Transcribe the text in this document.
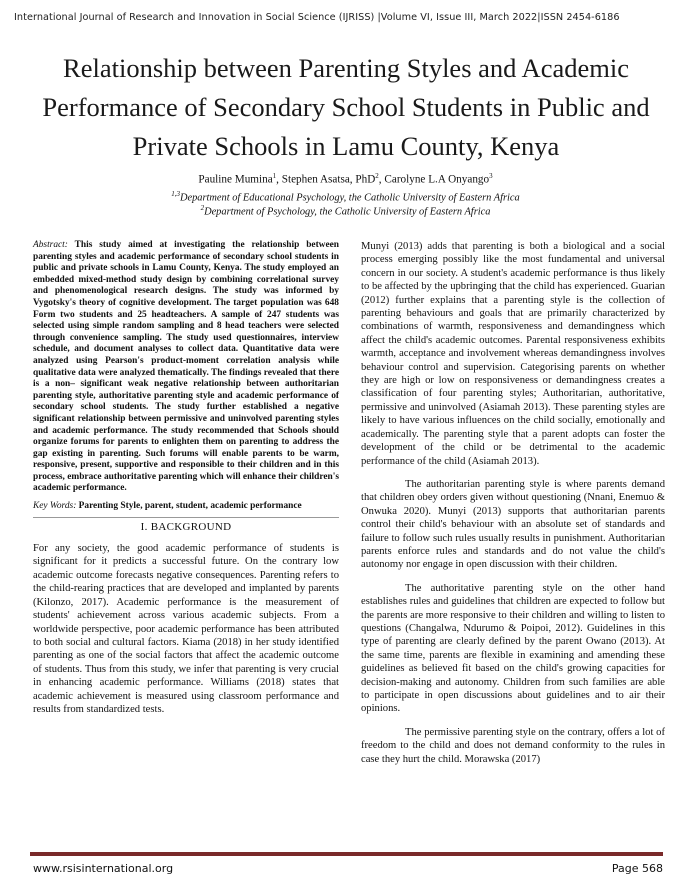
International Journal of Research and Innovation in Social Science (IJRISS) |Volume VI, Issue III, March 2022|ISSN 2454-6186
Relationship between Parenting Styles and Academic Performance of Secondary School Students in Public and Private Schools in Lamu County, Kenya
Pauline Mumina$^1$, Stephen Asatsa, PhD$^2$, Carolyne L.A Onyango$^3$
$^{1,3}$Department of Educational Psychology, the Catholic University of Eastern Africa
$^2$Department of Psychology, the Catholic University of Eastern Africa

Abstract: This study aimed at investigating the relationship between parenting styles and academic performance of secondary school students in public and private schools in Lamu County, Kenya. The study employed an embedded mixed-method study design by combining correlational survey and phenomenological research designs. The study was informed by Vygotsky's theory of cognitive development. The target population was 648 Form two students and 25 headteachers. A sample of 247 students was selected using simple random sampling and 8 head teachers were selected through convenience sampling. The study used questionnaires, interview schedule, and document analyses to collect data. Quantitative data were analyzed using Pearson's product-moment correlation analysis while qualitative data were analyzed thematically. The findings revealed that there is a non– significant weak negative relationship between authoritarian parenting style, authoritative parenting style and academic performance of secondary school students. The study further established a negative significant relationship between permissive and uninvolved parenting styles and academic performance. The study recommended that Schools should organize forums for parents to enlighten them on parenting to address the gap existing in parenting. Such forums will enable parents to be warm, responsive, present, supportive and responsible to their children and in this process, embrace authoritative parenting which will enhance their children's academic performance.

Key Words: Parenting Style, parent, student, academic performance

I. BACKGROUND

For any society, the good academic performance of students is significant for it predicts a successful future. On the contrary low academic outcome forecasts negative consequences. Parenting refers to the child-rearing practices that are developed and implanted by parents (Kilonzo, 2017). Academic performance is the measurement of students' achievement across various academic subjects. From a worldwide perspective, poor academic performance has been attributed to both social and cultural factors. Kiama (2018) in her study identified parenting as one of the social factors that affect the academic outcome of students. Thus from this study, we infer that parenting is very crucial in enhancing academic performance. Williams (2018) states that academic achievement is measured using classroom performance and results from standardized tests.

Munyi (2013) adds that parenting is both a biological and a social process emerging possibly like the most fundamental and universal concern in our society. A student's academic performance is thus likely to be affected by the upbringing that the child has experienced. Guarian (2012) further explains that a parenting style is the collection of parenting behaviours and goals that are primarily characterized by combinations of warmth, responsiveness and demandingness which affect the child's academic outcomes. Parental responsiveness exhibits warmth, acceptance and involvement whereas demandingness involves behaviour control and supervision. Categorising parents on whether they are high or low on responsiveness or demandingness creates a classification of four parenting styles; Authoritarian, authoritative, permissive and uninvolved (Asiamah 2013). These parenting styles are likely to have various influences on the child socially, emotionally and academically. The parenting style that a parent adopts can foster the development of the child or be detrimental to the academic performance of the child (Asiamah 2013).

The authoritarian parenting style is where parents demand that children obey orders given without questioning (Nnani, Enemuo & Onwuka 2020). Munyi (2013) supports that authoritarian parents control their child's behaviour with an absolute set of standards and failure to follow such rules usually results in punishment. Authoritarian parents enforce rules and standards and do not value the child's autonomy nor engage in open discussion with their children.

The authoritative parenting style on the other hand establishes rules and guidelines that children are expected to follow but the parents are more responsive to their children and willing to listen to questions (Changalwa, Ndurumo & Poipoi, 2012). Guidelines in this type of parenting are clearly defined by the parent Owano (2013). At the same time, parents are flexible in examining and amending these guidelines as believed fit based on the child's growing capacities for decision-making and autonomy. Children from such families are able to participate in open discussions about guidelines and to air their opinions.

The permissive parenting style on the contrary, offers a lot of freedom to the child and does not demand conformity to the rules in case they hurt the child. Morawska (2017)

www.rsisinternational.org	Page 568
